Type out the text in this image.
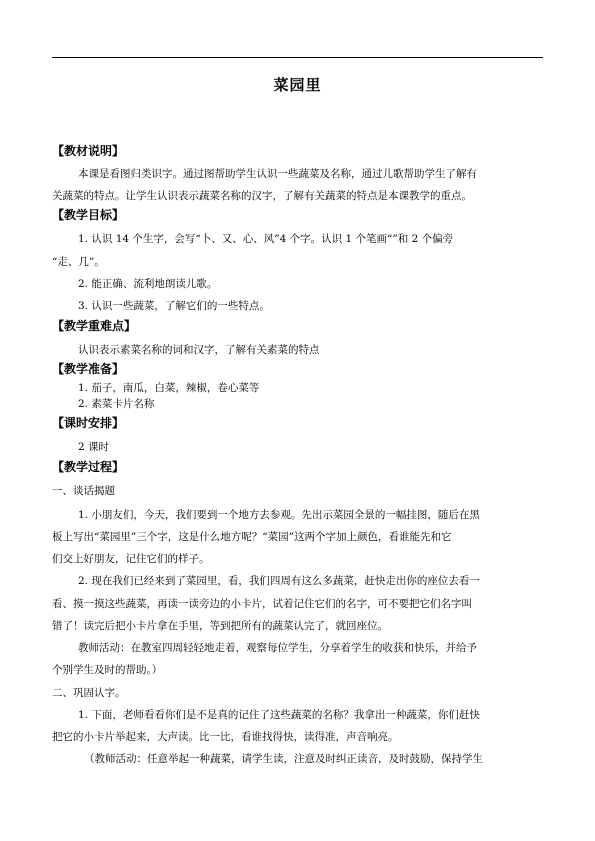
菜园里
【教材说明】
本课是看图归类识字。通过图帮助学生认识一些蔬菜及名称，通过儿歌帮助学生了解有
关蔬菜的特点。让学生认识表示蔬菜名称的汉字，了解有关蔬菜的特点是本课教学的重点。
【教学目标】
1. 认识 14 个生字，会写“卜、又、心、风”4 个字。认识 1 个笔画“”和 2 个偏旁
“走、几”。
2. 能正确、流利地朗读儿歌。
3. 认识一些蔬菜，了解它们的一些特点。
【教学重难点】
认识表示素菜名称的词和汉字，了解有关素菜的特点
【教学准备】
1. 茄子，南瓜，白菜，辣椒，卷心菜等
2. 素菜卡片名称
【课时安排】
2 课时
【教学过程】
一、谈话揭题
1. 小朋友们，今天，我们要到一个地方去参观。先出示菜园全景的一幅挂图，随后在黑
板上写出“菜园里”三个字，这是什么地方呢？“菜园”这两个字加上颜色，看谁能先和它
们交上好朋友，记住它们的样子。
2. 现在我们已经来到了菜园里，看，我们四周有这么多蔬菜，赶快走出你的座位去看一
看、摸一摸这些蔬菜，再读一读旁边的小卡片，试着记住它们的名字，可不要把它们名字叫
错了！读完后把小卡片拿在手里，等到把所有的蔬菜认完了，就回座位。
教师活动：在教室四周轻轻地走着，观察每位学生，分享着学生的收获和快乐，并给予
个别学生及时的帮助。）
二、巩固认字。
1. 下面，老师看看你们是不是真的记住了这些蔬菜的名称？我拿出一种蔬菜，你们赶快
把它的小卡片举起来，大声读。比一比，看谁找得快，读得准，声音响亮。
（教师活动：任意举起一种蔬菜，请学生读，注意及时纠正读音，及时鼓励，保持学生
